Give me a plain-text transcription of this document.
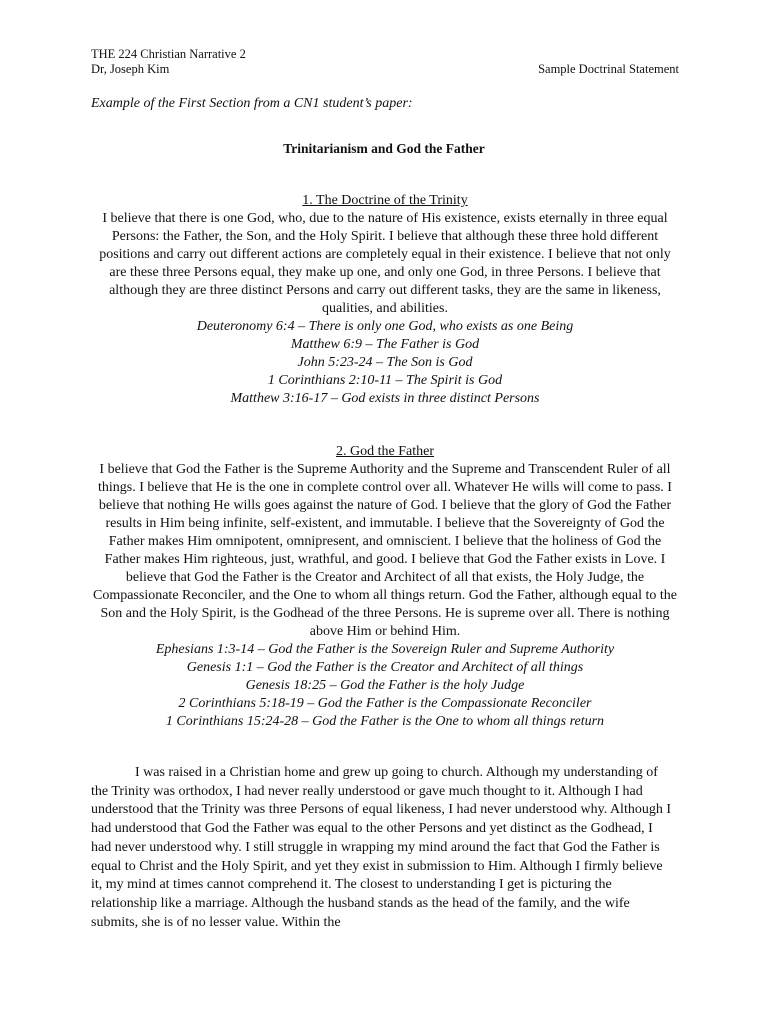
THE 224 Christian Narrative 2
Dr, Joseph Kim	Sample Doctrinal Statement
Example of the First Section from a CN1 student’s paper:
Trinitarianism and God the Father

1. The Doctrine of the Trinity

I believe that there is one God, who, due to the nature of His existence, exists eternally in three equal Persons: the Father, the Son, and the Holy Spirit. I believe that although these three hold different positions and carry out different actions are completely equal in their existence. I believe that not only are these three Persons equal, they make up one, and only one God, in three Persons. I believe that although they are three distinct Persons and carry out different tasks, they are the same in likeness, qualities, and abilities.

Deuteronomy 6:4 – There is only one God, who exists as one Being

Matthew 6:9 – The Father is God

John 5:23-24 – The Son is God

1 Corinthians 2:10-11 – The Spirit is God

Matthew 3:16-17 – God exists in three distinct Persons

2. God the Father

I believe that God the Father is the Supreme Authority and the Supreme and Transcendent Ruler of all things. I believe that He is the one in complete control over all. Whatever He wills will come to pass. I believe that nothing He wills goes against the nature of God. I believe that the glory of God the Father results in Him being infinite, self-existent, and immutable. I believe that the Sovereignty of God the Father makes Him omnipotent, omnipresent, and omniscient. I believe that the holiness of God the Father makes Him righteous, just, wrathful, and good. I believe that God the Father exists in Love. I believe that God the Father is the Creator and Architect of all that exists, the Holy Judge, the Compassionate Reconciler, and the One to whom all things return. God the Father, although equal to the Son and the Holy Spirit, is the Godhead of the three Persons. He is supreme over all. There is nothing above Him or behind Him.

Ephesians 1:3-14 – God the Father is the Sovereign Ruler and Supreme Authority

Genesis 1:1 – God the Father is the Creator and Architect of all things

Genesis 18:25 – God the Father is the holy Judge

2 Corinthians 5:18-19 – God the Father is the Compassionate Reconciler

1 Corinthians 15:24-28 – God the Father is the One to whom all things return

I was raised in a Christian home and grew up going to church. Although my understanding of the Trinity was orthodox, I had never really understood or gave much thought to it. Although I had understood that the Trinity was three Persons of equal likeness, I had never understood why. Although I had understood that God the Father was equal to the other Persons and yet distinct as the Godhead, I had never understood why. I still struggle in wrapping my mind around the fact that God the Father is equal to Christ and the Holy Spirit, and yet they exist in submission to Him. Although I firmly believe it, my mind at times cannot comprehend it. The closest to understanding I get is picturing the relationship like a marriage. Although the husband stands as the head of the family, and the wife submits, she is of no lesser value. Within the
